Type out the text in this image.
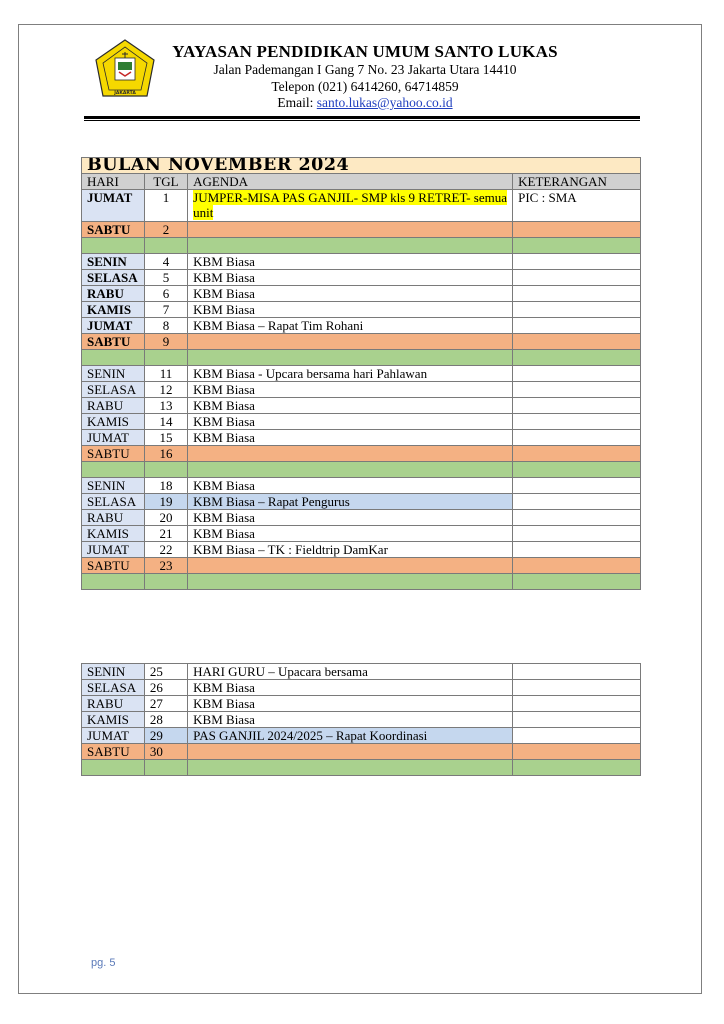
JAKARTA
YAYASAN PENDIDIKAN UMUM SANTO LUKAS
Jalan Pademangan I Gang 7 No. 23 Jakarta Utara 14410
Telepon (021) 6414260, 64714859
Email: santo.lukas@yahoo.co.id
BULAN NOVEMBER 2024			
HARI	TGL	AGENDA	KETERANGAN
JUMAT	1	JUMPER-MISA PAS GANJIL- SMP kls 9 RETRET- semua unit	PIC : SMA
SABTU	2		

SENIN	4	KBM Biasa	
SELASA	5	KBM Biasa	
RABU	6	KBM Biasa	
KAMIS	7	KBM Biasa	
JUMAT	8	KBM Biasa – Rapat Tim Rohani	
SABTU	9		

SENIN	11	KBM Biasa - Upcara bersama hari Pahlawan	
SELASA	12	KBM Biasa	
RABU	13	KBM Biasa	
KAMIS	14	KBM Biasa	
JUMAT	15	KBM Biasa	
SABTU	16		

SENIN	18	KBM Biasa	
SELASA	19	KBM Biasa – Rapat Pengurus	
RABU	20	KBM Biasa	
KAMIS	21	KBM Biasa	
JUMAT	22	KBM Biasa – TK : Fieldtrip DamKar	
SABTU	23		

SENIN	25	HARI GURU – Upacara bersama	
SELASA	26	KBM Biasa	
RABU	27	KBM Biasa	
KAMIS	28	KBM Biasa	
JUMAT	29	PAS GANJIL 2024/2025 – Rapat Koordinasi	
SABTU	30		

pg. 5
